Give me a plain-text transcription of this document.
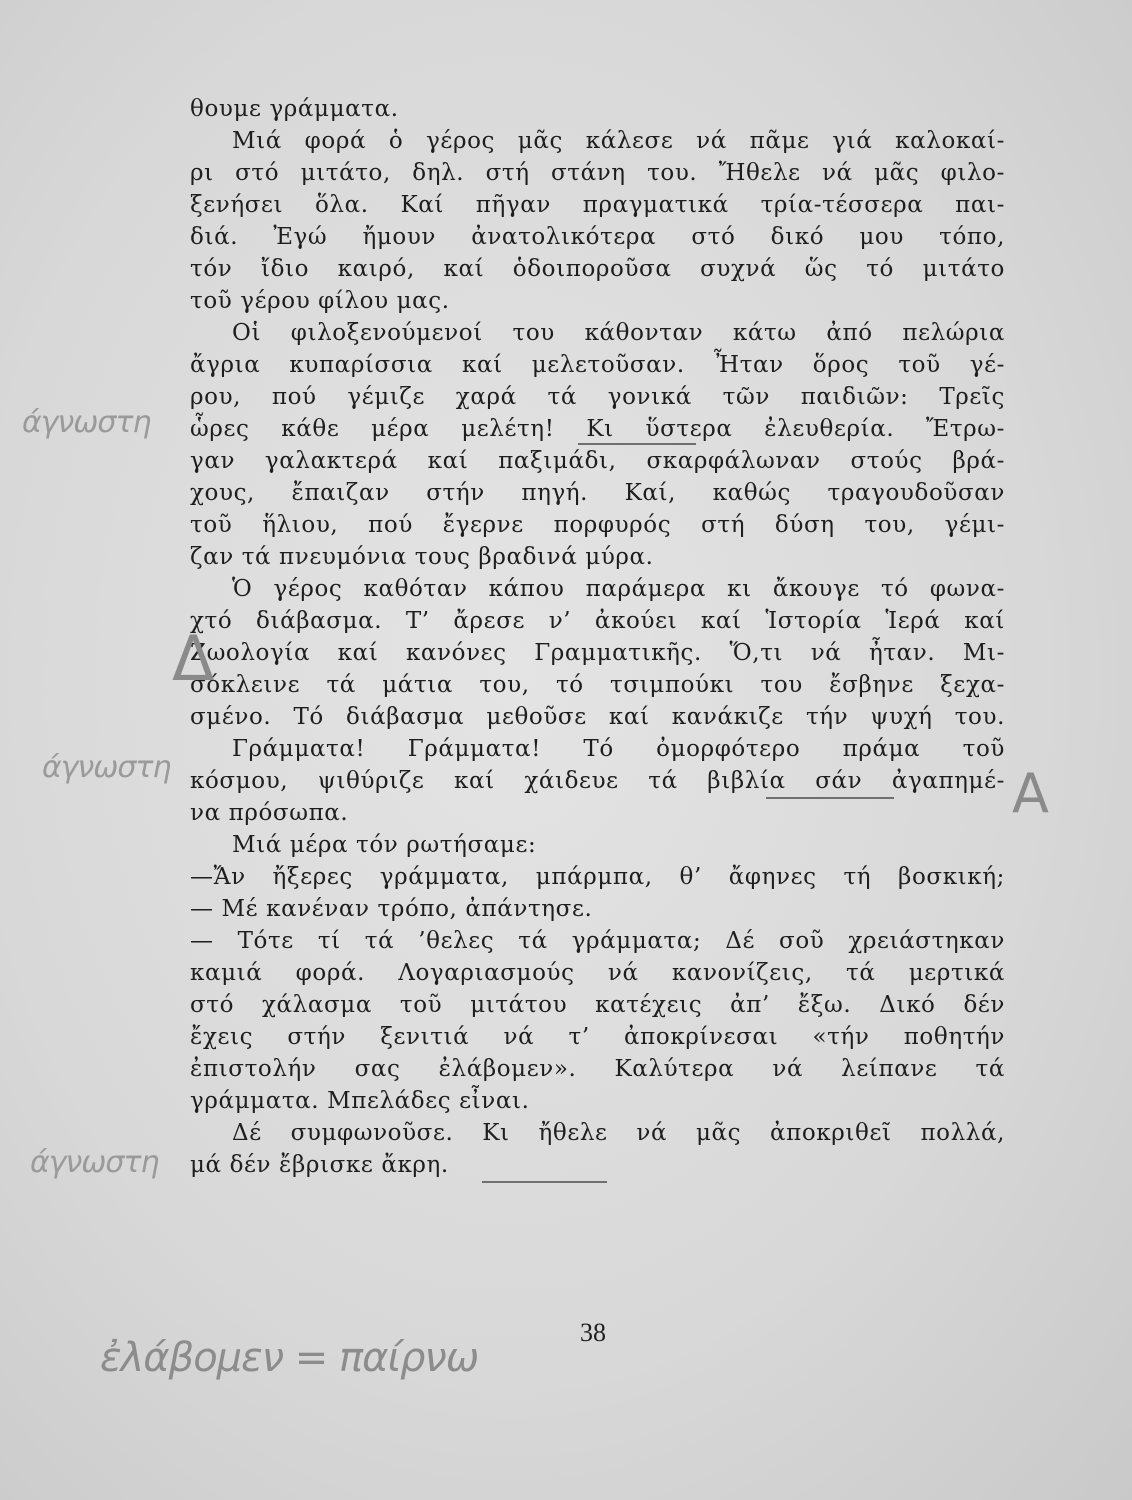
θουμε γράμματα.
Μιά φορά ὁ γέρος μᾶς κάλεσε νά πᾶμε γιά καλοκαί-
ρι στό μιτάτο, δηλ. στή στάνη του. Ἤθελε νά μᾶς φιλο-
ξενήσει ὅλα. Καί πῆγαν πραγματικά τρία-τέσσερα παι-
διά. Ἐγώ ἤμουν ἀνατολικότερα στό δικό μου τόπο,
τόν ἴδιο καιρό, καί ὁδοιποροῦσα συχνά ὥς τό μιτάτο
τοῦ γέρου φίλου μας.
Οἱ φιλοξενούμενοί του κάθονταν κάτω ἀπό πελώρια
ἄγρια κυπαρίσσια καί μελετοῦσαν. Ἦταν ὅρος τοῦ γέ-
ρου, πού γέμιζε χαρά τά γονικά τῶν παιδιῶν: Τρεῖς
ὧρες κάθε μέρα μελέτη! Κι ὕστερα ἐλευθερία. Ἔτρω-
γαν γαλακτερά καί παξιμάδι, σκαρφάλωναν στούς βρά-
χους, ἔπαιζαν στήν πηγή. Καί, καθώς τραγουδοῦσαν
τοῦ ἥλιου, πού ἔγερνε πορφυρός στή δύση του, γέμι-
ζαν τά πνευμόνια τους βραδινά μύρα.
Ὁ γέρος καθόταν κάπου παράμερα κι ἄκουγε τό φωνα-
χτό διάβασμα. Τ’ ἄρεσε ν’ ἀκούει καί Ἱστορία Ἱερά καί
Ζωολογία καί κανόνες Γραμματικῆς. Ὅ,τι νά ἦταν. Μι-
σόκλεινε τά μάτια του, τό τσιμπούκι του ἔσβηνε ξεχα-
σμένο. Τό διάβασμα μεθοῦσε καί κανάκιζε τήν ψυχή του.
Γράμματα! Γράμματα! Τό ὀμορφότερο πράμα τοῦ
κόσμου, ψιθύριζε καί χάιδευε τά βιβλία σάν ἀγαπημέ-
να πρόσωπα.
Μιά μέρα τόν ρωτήσαμε:
—Ἄν ἤξερες γράμματα, μπάρμπα, θ’ ἄφηνες τή βοσκική;
— Μέ κανέναν τρόπο, ἀπάντησε.
— Τότε τί τά ’θελες τά γράμματα; Δέ σοῦ χρειάστηκαν
καμιά φορά. Λογαριασμούς νά κανονίζεις, τά μερτικά
στό χάλασμα τοῦ μιτάτου κατέχεις ἀπ’ ἔξω. Δικό δέν
ἔχεις στήν ξενιτιά νά τ’ ἀποκρίνεσαι «τήν ποθητήν
ἐπιστολήν σας ἐλάβομεν». Καλύτερα νά λείπανε τά
γράμματα. Μπελάδες εἶναι.
Δέ συμφωνοῦσε. Κι ἤθελε νά μᾶς ἀποκριθεῖ πολλά,
μά δέν ἔβρισκε ἄκρη.
άγνωστη
άγνωστη
άγνωστη
Δ
Α
38
ἐλάβομεν = παίρνω
